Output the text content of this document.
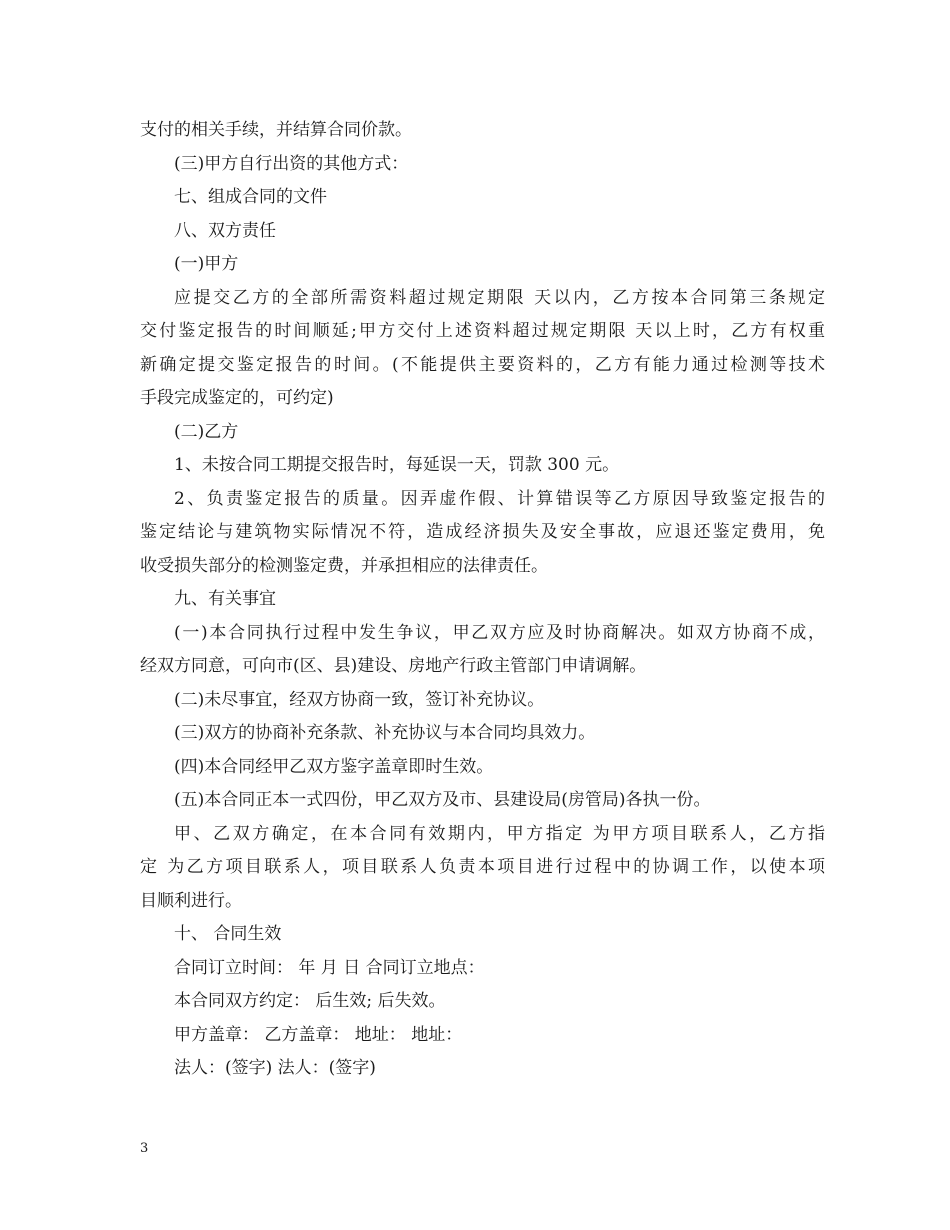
支付的相关手续，并结算合同价款。
(三)甲方自行出资的其他方式：
七、组成合同的文件
八、双方责任
(一)甲方
应提交乙方的全部所需资料超过规定期限 天以内，乙方按本合同第三条规定
交付鉴定报告的时间顺延;甲方交付上述资料超过规定期限 天以上时，乙方有权重
新确定提交鉴定报告的时间。(不能提供主要资料的，乙方有能力通过检测等技术
手段完成鉴定的，可约定)
(二)乙方
1、未按合同工期提交报告时，每延误一天，罚款 300 元。
2、负责鉴定报告的质量。因弄虚作假、计算错误等乙方原因导致鉴定报告的
鉴定结论与建筑物实际情况不符，造成经济损失及安全事故，应退还鉴定费用，免
收受损失部分的检测鉴定费，并承担相应的法律责任。
九、有关事宜
(一)本合同执行过程中发生争议，甲乙双方应及时协商解决。如双方协商不成，
经双方同意，可向市(区、县)建设、房地产行政主管部门申请调解。
(二)未尽事宜，经双方协商一致，签订补充协议。
(三)双方的协商补充条款、补充协议与本合同均具效力。
(四)本合同经甲乙双方鉴字盖章即时生效。
(五)本合同正本一式四份，甲乙双方及市、县建设局(房管局)各执一份。
甲、乙双方确定，在本合同有效期内，甲方指定 为甲方项目联系人，乙方指
定 为乙方项目联系人，项目联系人负责本项目进行过程中的协调工作，以使本项
目顺利进行。
十、 合同生效
合同订立时间： 年 月 日 合同订立地点：
本合同双方约定： 后生效; 后失效。
甲方盖章： 乙方盖章： 地址： 地址：
法人：(签字) 法人：(签字)
3
